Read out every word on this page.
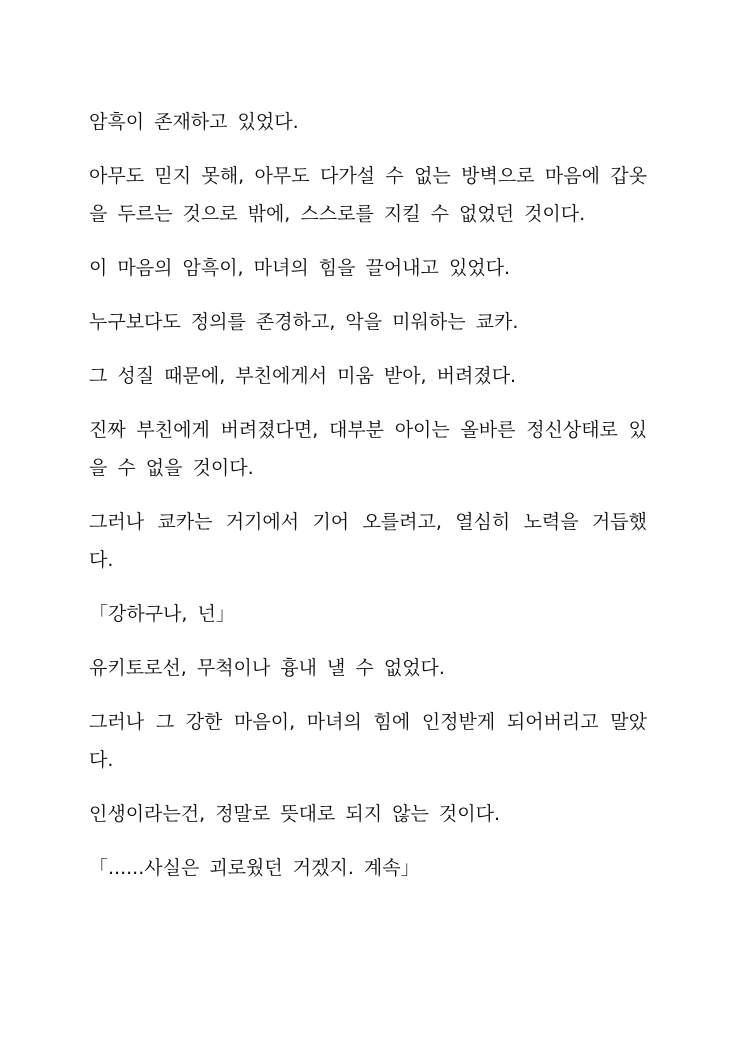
암흑이 존재하고 있었다.

아무도 믿지 못해, 아무도 다가설 수 없는 방벽으로 마음에 갑옷을 두르는 것으로 밖에, 스스로를 지킬 수 없었던 것이다.

이 마음의 암흑이, 마녀의 힘을 끌어내고 있었다.

누구보다도 정의를 존경하고, 악을 미워하는 쿄카.

그 성질 때문에, 부친에게서 미움 받아, 버려졌다.

진짜 부친에게 버려졌다면, 대부분 아이는 올바른 정신상태로 있을 수 없을 것이다.

그러나 쿄카는 거기에서 기어 오를려고, 열심히 노력을 거듭했다.

「강하구나, 넌」

유키토로선, 무척이나 흉내 낼 수 없었다.

그러나 그 강한 마음이, 마녀의 힘에 인정받게 되어버리고 말았다.

인생이라는건, 정말로 뜻대로 되지 않는 것이다.

「......사실은 괴로웠던 거겠지. 계속」
